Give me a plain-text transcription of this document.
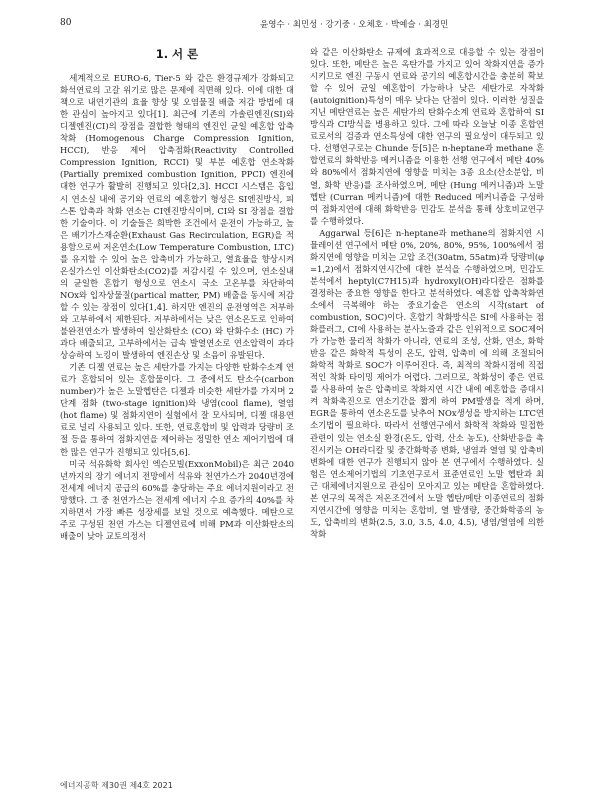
80	윤영수 · 최민성 · 강기중 · 오체호 · 박예슬 · 최경민
1. 서 론

세계적으로 EURO-6, Tier-5 와 같은 환경규제가 강화되고 화석연료의 고갈 위기로 많은 문제에 직면해 있다. 이에 대한 대책으로 내연기관의 효율 향상 및 오염물질 배출 저감 방법에 대한 관심이 높아지고 있다[1]. 최근에 기존의 가솔린엔진(SI)와 디젤엔진(CI)의 장점을 결합한 형태의 엔진인 균일 예혼합 압축착화 (Homogenous Charge Compression Ignition, HCCI), 반응 제어 압축점화(Reactivity Controlled Compression Ignition, RCCI) 및 부분 예혼합 연소착화(Partially premixed combustion Ignition, PPCI) 엔진에 대한 연구가 활발히 진행되고 있다[2,3]. HCCI 시스템은 흡입시 연소실 내에 공기와 연료의 예혼합기 형성은 SI엔진방식, 피스톤 압축과 착화 연소는 CI엔진방식이며, CI와 SI 장점을 결합한 기술이다. 이 기술들은 희박한 조건에서 운전이 가능하고, 높은 배기가스재순환(Exhaust Gas Recirculation, EGR)을 적용함으로써 저온연소(Low Temperature Combustion, LTC)를 유지할 수 있어 높은 압축비가 가능하고, 열효율을 향상시켜 온실가스인 이산화탄소(CO2)를 저감시킬 수 있으며, 연소실내의 균일한 혼합기 형성으로 연소시 국소 고온부를 차단하여 NOx와 입자상물질(partical matter, PM) 배출을 동시에 저감할 수 있는 장점이 있다[1,4]. 하지만 엔진의 운전영역은 저부하와 고부하에서 제한된다. 저부하에서는 낮은 연소온도로 인하여 불완전연소가 발생하여 일산화탄소 (CO) 와 탄화수소 (HC) 가 과다 배출되고, 고부하에서는 급속 발열연소로 연소압력이 과다 상승하여 노킹이 발생하여 엔진손상 및 소음이 유발된다.

기존 디젤 연료는 높은 세탄가를 가지는 다양한 탄화수소계 연료가 혼합되어 있는 혼합물이다. 그 중에서도 탄소수(carbon number)가 높은 노말헵탄은 디젤과 비슷한 세탄가를 가지며 2단계 점화 (two-stage ignition)와 냉염(cool flame), 열염(hot flame) 및 점화지연이 실험에서 잘 모사되며, 디젤 대용연료로 널리 사용되고 있다. 또한, 연료혼합비 및 압력과 당량비 조절 등을 통하여 점화지연을 제어하는 정밀한 연소 제어기법에 대한 많은 연구가 진행되고 있다[5,6].

미국 석유화학 회사인 엑슨모빌(ExxonMobil)은 최근 2040년까지의 장기 에너지 전망에서 석유와 천연가스가 2040년경에 전세계 에너지 공급의 60%를 충당하는 주요 에너지원이라고 전망했다. 그 중 천연가스는 전세계 에너지 수요 증가의 40%를 차지하면서 가장 빠른 성장세를 보일 것으로 예측했다. 메탄으로 주로 구성된 천연 가스는 디젤연료에 비해 PM과 이산화탄소의 배출이 낮아 교토의정서

와 같은 이산화탄소 규제에 효과적으로 대응할 수 있는 장점이 있다. 또한, 메탄은 높은 옥탄가를 가지고 있어 착화지연을 증가시키므로 엔진 구동시 연료와 공기의 예혼합시간을 충분히 확보할 수 있어 균일 예혼합이 가능하나 낮은 세탄가로 자착화(autoignition)특성이 매우 낮다는 단점이 있다. 이러한 성질을 지닌 메탄연료는 높은 세탄가의 탄화수소계 연료와 혼합하여 SI방식과 CI방식을 병용하고 있다. 그에 따라 오늘날 이종 혼합연료로서의 검증과 연소특성에 대한 연구의 필요성이 대두되고 있다. 선행연구로는 Chunde 등[5]은 n-heptane과 methane 혼합연료의 화학반응 메커니즘을 이용한 선행 연구에서 메탄 40%와 80%에서 점화지연에 영향을 미치는 3종 요소(산소분압, 비열, 화학 반응)를 조사하였으며, 메탄 (Hung 메커니즘)과 노말헵탄 (Curran 메커니즘)에 대한 Reduced 메커니즘을 구성하여 점화지연에 대해 화학반응 민감도 분석을 통해 상호비교연구를 수행하였다.

Aggarwal 등[6]은 n-heptane과 methane의 점화지연 시뮬레이션 연구에서 메탄 0%, 20%, 80%, 95%, 100%에서 점화지연에 영향을 미치는 고압 조건(30atm, 55atm)과 당량비(φ =1,2)에서 점화지연시간에 대한 분석을 수행하였으며, 민감도 분석에서 heptyl(C7H15)과 hydroxyl(OH)라디칼은 점화를 결정하는 중요한 영향을 한다고 분석하였다. 예혼합 압축착화연소에서 극복해야 하는 중요기술은 연소의 시작(start of combustion, SOC)이다. 혼합기 착화방식은 SI에 사용하는 점화플러그, CI에 사용하는 분사노즐과 같은 인위적으로 SOC제어가 가능한 물리적 착화가 아니라, 연료의 조성, 산화, 연소, 화학반응 같은 화학적 특성이 온도, 압력, 압축비 에 의해 조절되어 화학적 착화로 SOC가 이루어진다. 즉, 최적의 착화시점에 직접적인 착화 타이밍 제어가 어렵다. 그러므로, 착화성이 좋은 연료를 사용하여 높은 압축비로 착화지연 시간 내에 예혼합을 증대시켜 착화촉진으로 연소기간을 짧게 하여 PM발생을 적게 하며, EGR을 통하여 연소온도를 낮추어 NOx생성을 방지하는 LTC연소기법이 필요하다. 따라서 선행연구에서 화학적 착화와 밀접한 관련이 있는 연소실 환경(온도, 압력, 산소 농도), 산화반응을 촉진시키는 OH라디칼 및 중간화학종 변화, 냉염과 열염 및 압축비 변화에 대한 연구가 진행되지 않아 본 연구에서 수행하였다. 실험은 연소제어기법의 기초연구로서 표준연료인 노말 헵탄과 최근 대체에너지원으로 관심이 모아지고 있는 메탄을 혼합하였다. 본 연구의 목적은 저온조건에서 노말 헵탄/메탄 이종연료의 점화지연시간에 영향을 미치는 혼합비, 열 발생량, 중간화학종의 농도, 압축비의 변화(2.5, 3.0, 3.5, 4.0, 4.5), 냉염/열염에 의한 착화

에너지공학 제30권 제4호 2021
